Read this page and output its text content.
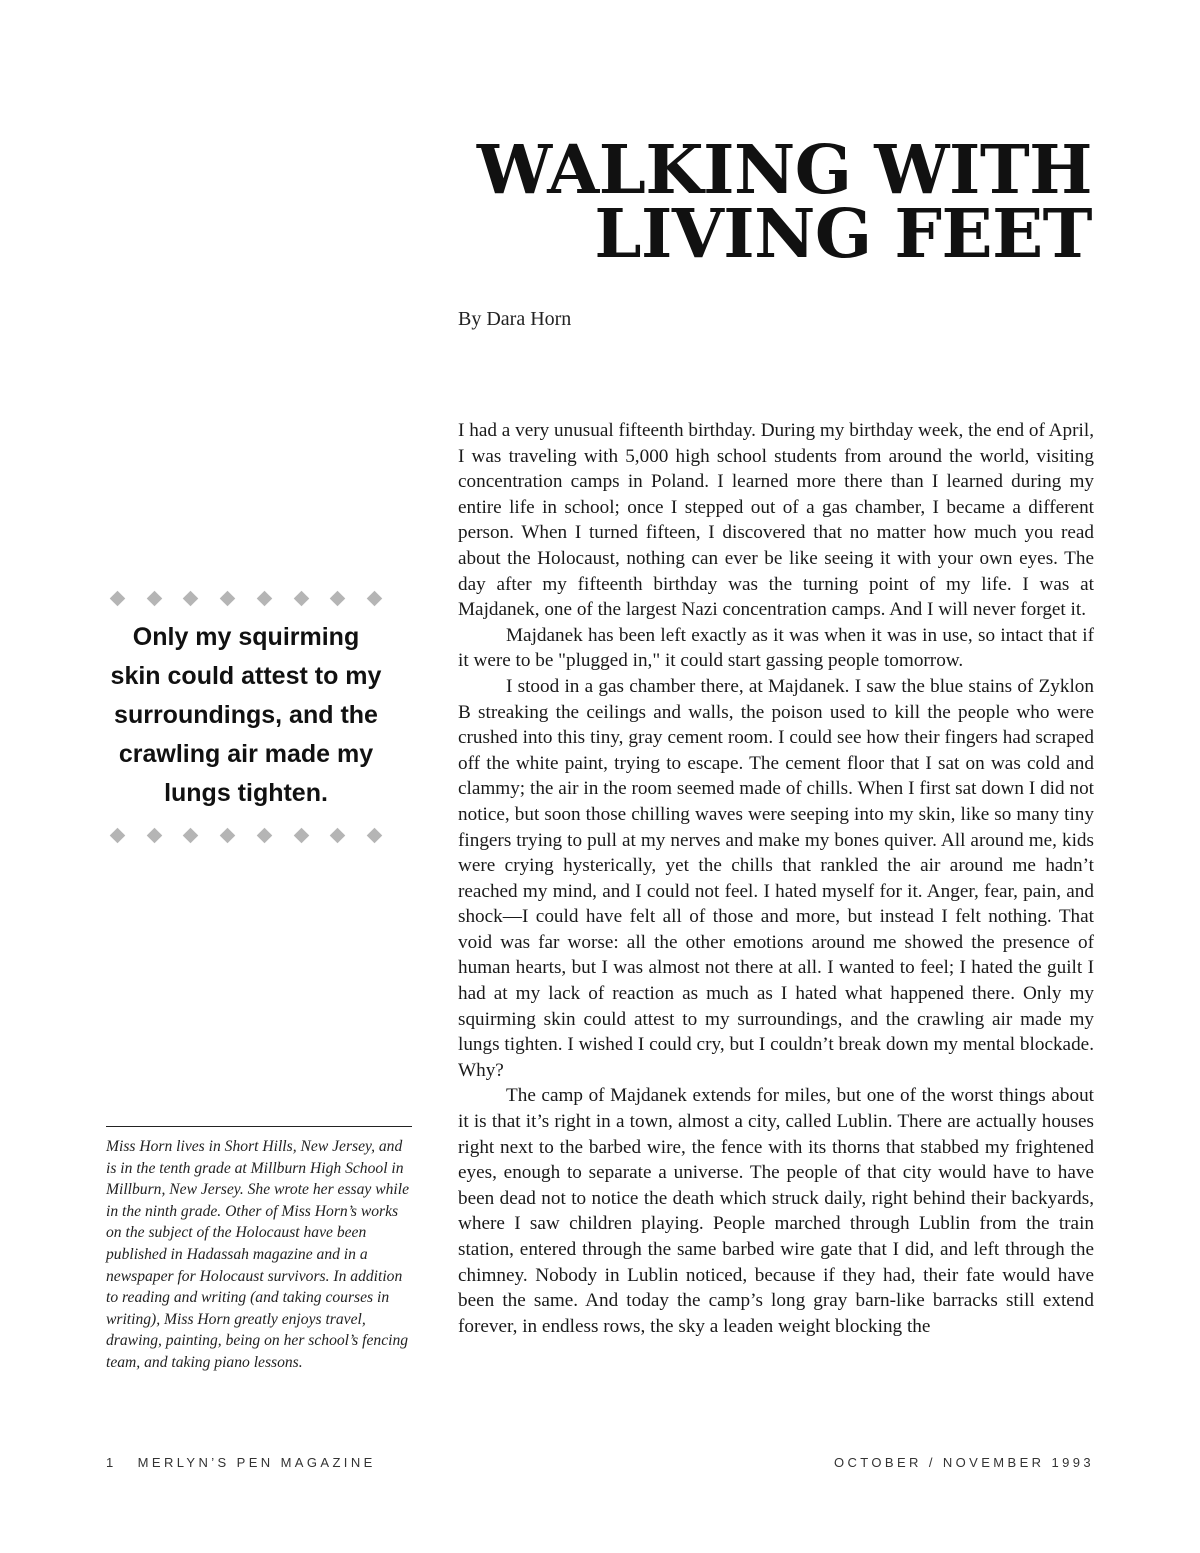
WALKING WITH
LIVING FEET
By Dara Horn

I had a very unusual fifteenth birthday. During my birthday week, the end of April, I was traveling with 5,000 high school students from around the world, visiting concentration camps in Poland. I learned more there than I learned during my entire life in school; once I stepped out of a gas chamber, I became a different person. When I turned fifteen, I discovered that no matter how much you read about the Holocaust, nothing can ever be like seeing it with your own eyes. The day after my fifteenth birthday was the turning point of my life. I was at Majdanek, one of the largest Nazi concentration camps. And I will never forget it.

Majdanek has been left exactly as it was when it was in use, so intact that if it were to be "plugged in," it could start gassing people tomorrow.

I stood in a gas chamber there, at Majdanek. I saw the blue stains of Zyklon B streaking the ceilings and walls, the poison used to kill the people who were crushed into this tiny, gray cement room. I could see how their fingers had scraped off the white paint, trying to escape. The cement floor that I sat on was cold and clammy; the air in the room seemed made of chills. When I first sat down I did not notice, but soon those chilling waves were seeping into my skin, like so many tiny fingers trying to pull at my nerves and make my bones quiver. All around me, kids were crying hysterically, yet the chills that rankled the air around me hadn’t reached my mind, and I could not feel. I hated myself for it. Anger, fear, pain, and shock—I could have felt all of those and more, but instead I felt nothing. That void was far worse: all the other emotions around me showed the presence of human hearts, but I was almost not there at all. I wanted to feel; I hated the guilt I had at my lack of reaction as much as I hated what happened there. Only my squirming skin could attest to my surroundings, and the crawling air made my lungs tighten. I wished I could cry, but I couldn’t break down my mental blockade. Why?

The camp of Majdanek extends for miles, but one of the worst things about it is that it’s right in a town, almost a city, called Lublin. There are actually houses right next to the barbed wire, the fence with its thorns that stabbed my frightened eyes, enough to separate a universe. The people of that city would have to have been dead not to notice the death which struck daily, right behind their backyards, where I saw children playing. People marched through Lublin from the train station, entered through the same barbed wire gate that I did, and left through the chimney. Nobody in Lublin noticed, because if they had, their fate would have been the same. And today the camp’s long gray barn-like barracks still extend forever, in endless rows, the sky a leaden weight blocking the

Only my squirming skin could attest to my surroundings, and the crawling air made my lungs tighten.
Miss Horn lives in Short Hills, New Jersey, and is in the tenth grade at Millburn High School in Millburn, New Jersey. She wrote her essay while in the ninth grade. Other of Miss Horn’s works on the subject of the Holocaust have been published in Hadassah magazine and in a newspaper for Holocaust survivors. In addition to reading and writing (and taking courses in writing), Miss Horn greatly enjoys travel, drawing, painting, being on her school’s fencing team, and taking piano lessons.
1 MERLYN’S PEN MAGAZINE	OCTOBER / NOVEMBER 1993
